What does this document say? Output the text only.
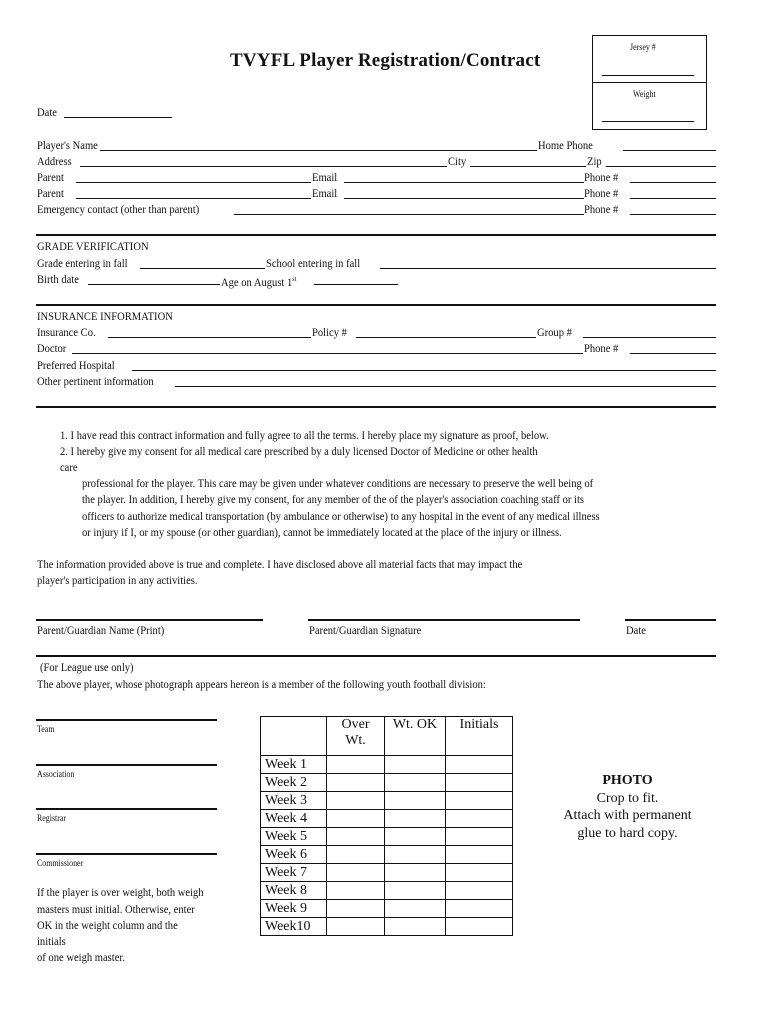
TVYFL Player Registration/Contract
Jersey #
Weight
Date
Player's Name	Home Phone
Address	City	Zip
Parent	Email	Phone #
Parent	Email	Phone #
Emergency contact (other than parent)	Phone #
GRADE VERIFICATION
Grade entering in fall	School entering in fall
Birth date	Age on August 1st
INSURANCE INFORMATION
Insurance Co.	Policy #	Group #
Doctor	Phone #
Preferred Hospital
Other pertinent information
1. I have read this contract information and fully agree to all the terms. I hereby place my signature as proof, below.
2. I hereby give my consent for all medical care prescribed by a duly licensed Doctor of Medicine or other health
care
professional for the player. This care may be given under whatever conditions are necessary to preserve the well being of
the player. In addition, I hereby give my consent, for any member of the of the player's association coaching staff or its
officers to authorize medical transportation (by ambulance or otherwise) to any hospital in the event of any medical illness
or injury if I, or my spouse (or other guardian), cannot be immediately located at the place of the injury or illness.
The information provided above is true and complete. I have disclosed above all material facts that may impact the
player's participation in any activities.
Parent/Guardian Name (Print)	Parent/Guardian Signature	Date
(For League use only)
The above player, whose photograph appears hereon is a member of the following youth football division:
Team
Association
Registrar
Commissioner
If the player is over weight, both weigh
masters must initial. Otherwise, enter
OK in the weight column and the
initials
of one weigh master.
	Over Wt.	Wt. OK	Initials
Week 1			
Week 2			
Week 3			
Week 4			
Week 5			
Week 6			
Week 7			
Week 8			
Week 9			
Week10			
PHOTO
Crop to fit.
Attach with permanent
glue to hard copy.
